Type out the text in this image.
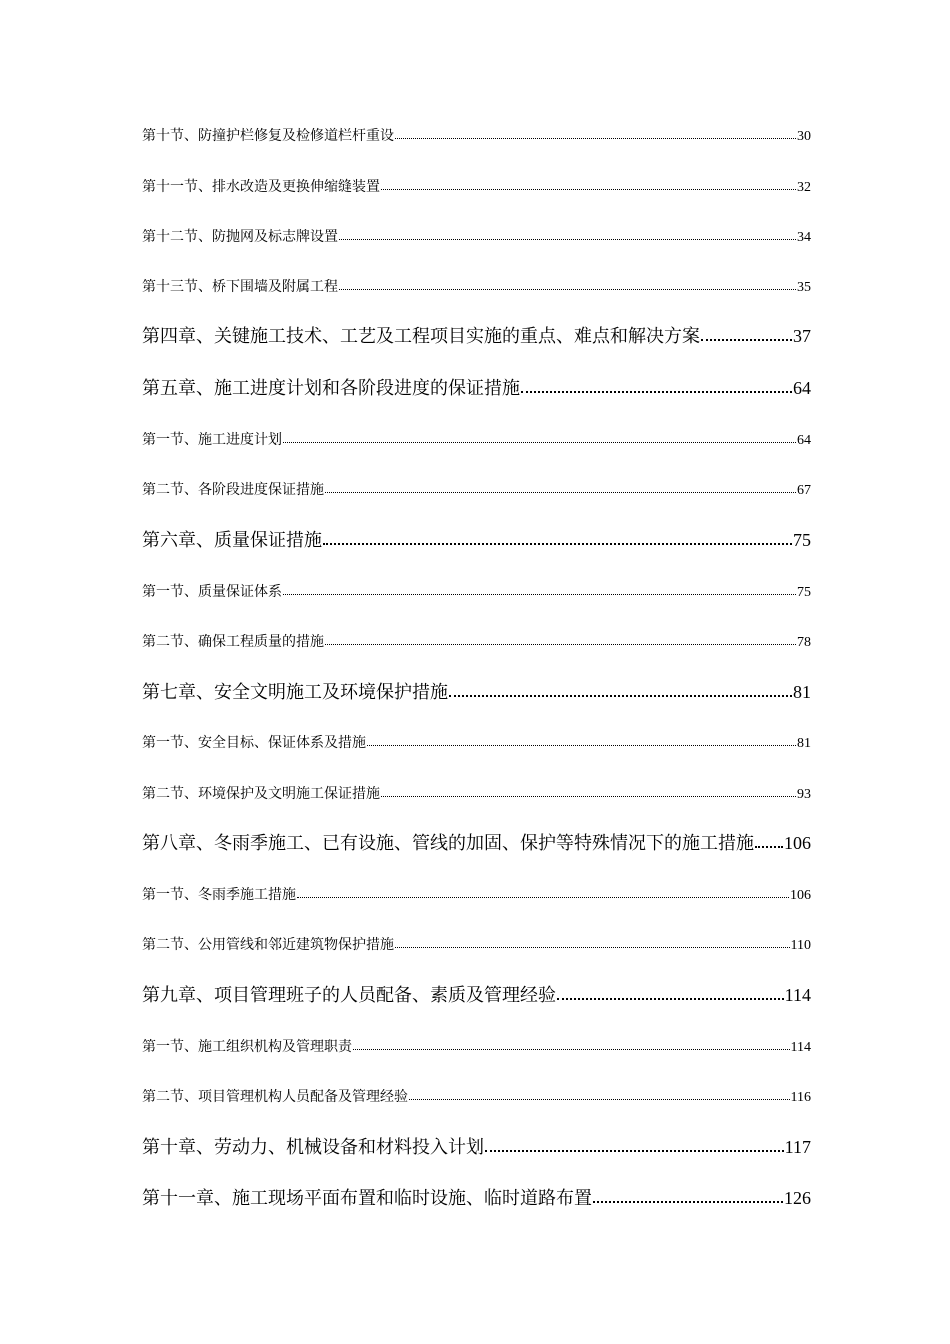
第十节、防撞护栏修复及检修道栏杆重设	30
第十一节、排水改造及更换伸缩缝装置	32
第十二节、防抛网及标志牌设置	34
第十三节、桥下围墙及附属工程	35
第四章、关键施工技术、工艺及工程项目实施的重点、难点和解决方案	37
第五章、施工进度计划和各阶段进度的保证措施	64
第一节、施工进度计划	64
第二节、各阶段进度保证措施	67
第六章、质量保证措施	75
第一节、质量保证体系	75
第二节、确保工程质量的措施	78
第七章、安全文明施工及环境保护措施	81
第一节、安全目标、保证体系及措施	81
第二节、环境保护及文明施工保证措施	93
第八章、冬雨季施工、已有设施、管线的加固、保护等特殊情况下的施工措施 106
第一节、冬雨季施工措施	106
第二节、公用管线和邻近建筑物保护措施	110
第九章、项目管理班子的人员配备、素质及管理经验	114
第一节、施工组织机构及管理职责	114
第二节、项目管理机构人员配备及管理经验	116
第十章、劳动力、机械设备和材料投入计划	117
第十一章、施工现场平面布置和临时设施、临时道路布置	126
